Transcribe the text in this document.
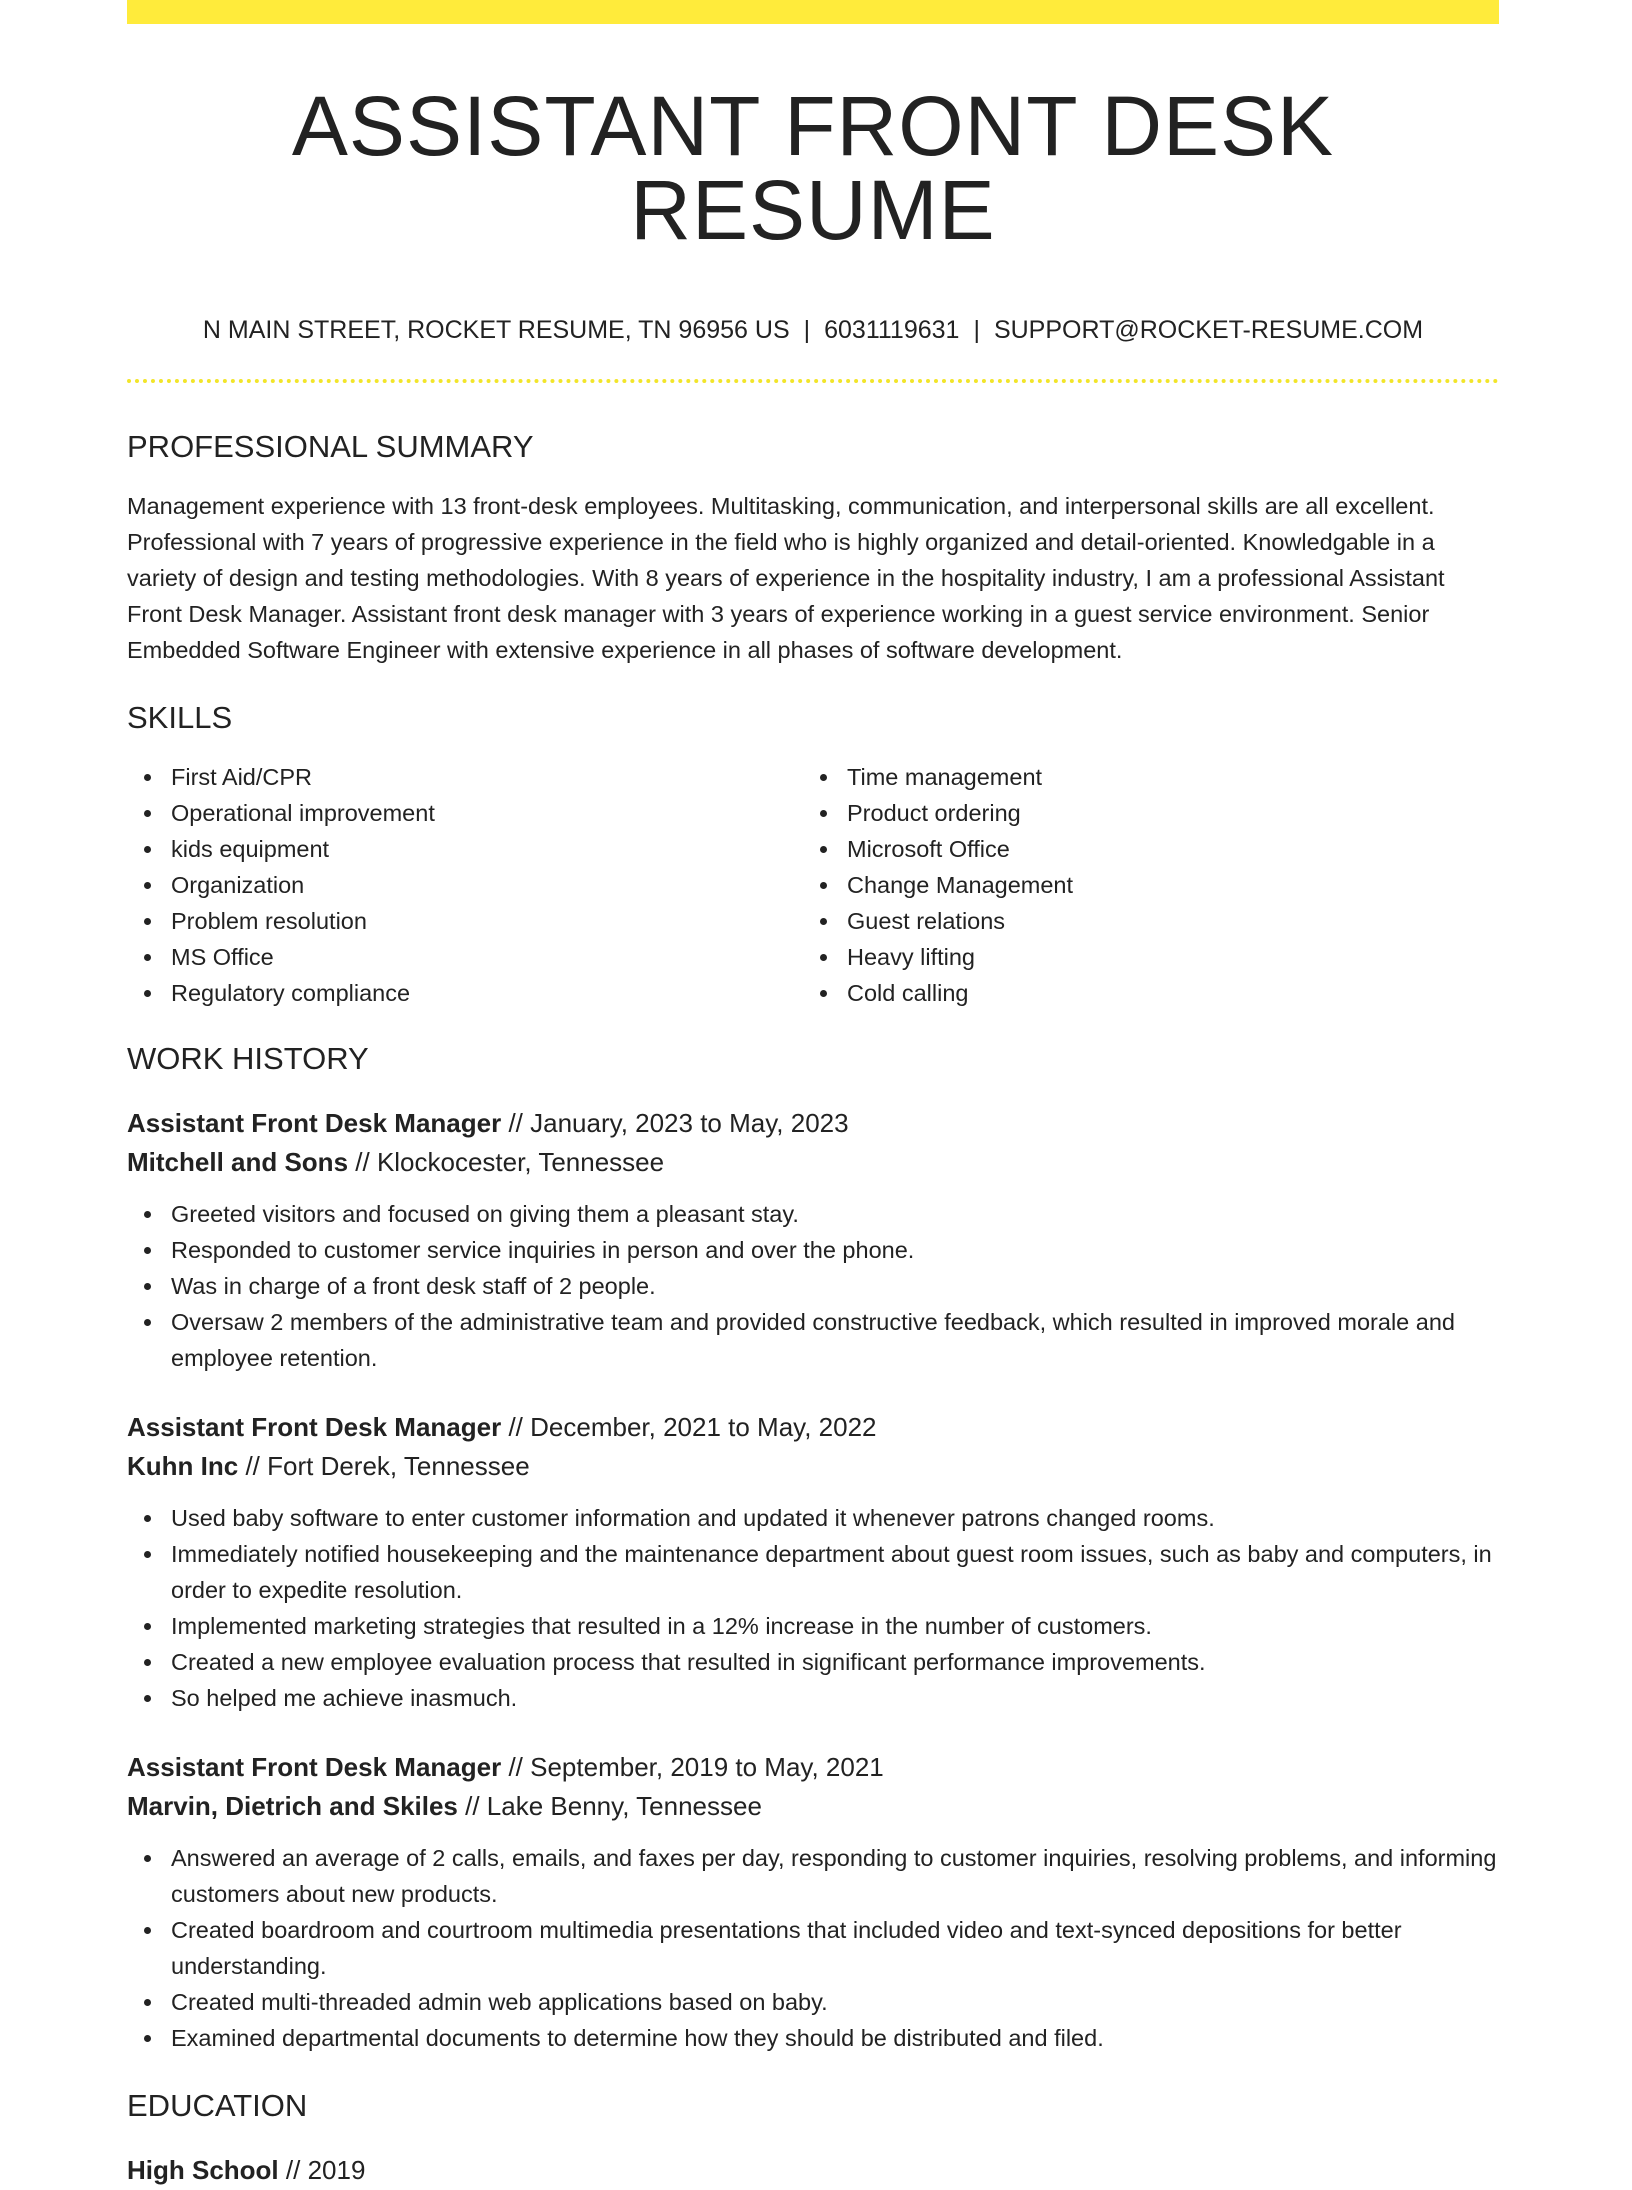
ASSISTANT FRONT DESK RESUME
N MAIN STREET, ROCKET RESUME, TN 96956 US | 6031119631 | SUPPORT@ROCKET-RESUME.COM
PROFESSIONAL SUMMARY

Management experience with 13 front-desk employees. Multitasking, communication, and interpersonal skills are all excellent. Professional with 7 years of progressive experience in the field who is highly organized and detail-oriented. Knowledgable in a variety of design and testing methodologies. With 8 years of experience in the hospitality industry, I am a professional Assistant Front Desk Manager. Assistant front desk manager with 3 years of experience working in a guest service environment. Senior Embedded Software Engineer with extensive experience in all phases of software development.

SKILLS
First Aid/CPR
Operational improvement
kids equipment
Organization
Problem resolution
MS Office
Regulatory compliance
Time management
Product ordering
Microsoft Office
Change Management
Guest relations
Heavy lifting
Cold calling
WORK HISTORY
Assistant Front Desk Manager // January, 2023 to May, 2023
Mitchell and Sons // Klockocester, Tennessee
Greeted visitors and focused on giving them a pleasant stay.
Responded to customer service inquiries in person and over the phone.
Was in charge of a front desk staff of 2 people.
Oversaw 2 members of the administrative team and provided constructive feedback, which resulted in improved morale and employee retention.
Assistant Front Desk Manager // December, 2021 to May, 2022
Kuhn Inc // Fort Derek, Tennessee
Used baby software to enter customer information and updated it whenever patrons changed rooms.
Immediately notified housekeeping and the maintenance department about guest room issues, such as baby and computers, in order to expedite resolution.
Implemented marketing strategies that resulted in a 12% increase in the number of customers.
Created a new employee evaluation process that resulted in significant performance improvements.
So helped me achieve inasmuch.
Assistant Front Desk Manager // September, 2019 to May, 2021
Marvin, Dietrich and Skiles // Lake Benny, Tennessee
Answered an average of 2 calls, emails, and faxes per day, responding to customer inquiries, resolving problems, and informing customers about new products.
Created boardroom and courtroom multimedia presentations that included video and text-synced depositions for better understanding.
Created multi-threaded admin web applications based on baby.
Examined departmental documents to determine how they should be distributed and filed.
EDUCATION
High School // 2019
